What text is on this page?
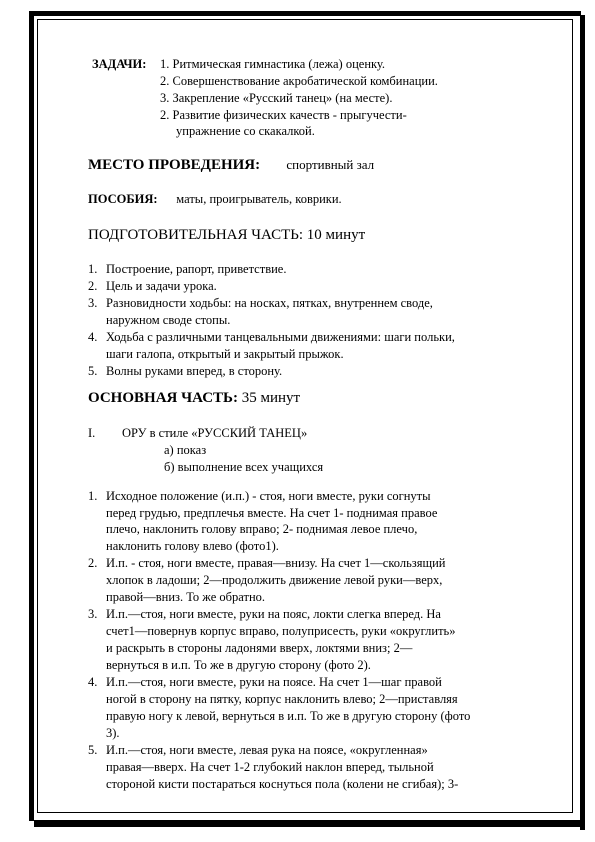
ЗАДАЧИ: 1. Ритмическая гимнастика (лежа) оценку.
2. Совершенствование акробатической комбинации.
3. Закрепление «Русский танец» (на месте).
2. Развитие физических качеств - прыгучести-
упражнение со скакалкой.
МЕСТО ПРОВЕДЕНИЯ: спортивный зал
ПОСОБИЯ: маты, проигрыватель, коврики.
ПОДГОТОВИТЕЛЬНАЯ ЧАСТЬ: 10 минут
1. Построение, рапорт, приветствие.
2. Цель и задачи урока.
3. Разновидности ходьбы: на носках, пятках, внутреннем своде,
наружном своде стопы.
4. Ходьба с различными танцевальными движениями: шаги польки,
шаги галопа, открытый и закрытый прыжок.
5. Волны руками вперед, в сторону.
ОСНОВНАЯ ЧАСТЬ: 35 минут
I. ОРУ в стиле «РУССКИЙ ТАНЕЦ»
а) показ
б) выполнение всех учащихся
1. Исходное положение (и.п.) - стоя, ноги вместе, руки согнуты
перед грудью, предплечья вместе. На счет 1- поднимая правое
плечо, наклонить голову вправо; 2- поднимая левое плечо,
наклонить голову влево (фото1).
2. И.п. - стоя, ноги вместе, правая—внизу. На счет 1—скользящий
хлопок в ладоши; 2—продолжить движение левой руки—верх,
правой—вниз. То же обратно.
3. И.п.—стоя, ноги вместе, руки на пояс, локти слегка вперед. На
счет1—повернув корпус вправо, полуприсесть, руки «округлить»
и раскрыть в стороны ладонями вверх, локтями вниз; 2—
вернуться в и.п. То же в другую сторону (фото 2).
4. И.п.—стоя, ноги вместе, руки на поясе. На счет 1—шаг правой
ногой в сторону на пятку, корпус наклонить влево; 2—приставляя
правую ногу к левой, вернуться в и.п. То же в другую сторону (фото
3).
5. И.п.—стоя, ноги вместе, левая рука на поясе, «округленная»
правая—вверх. На счет 1-2 глубокий наклон вперед, тыльной
стороной кисти постараться коснуться пола (колени не сгибая); 3-
